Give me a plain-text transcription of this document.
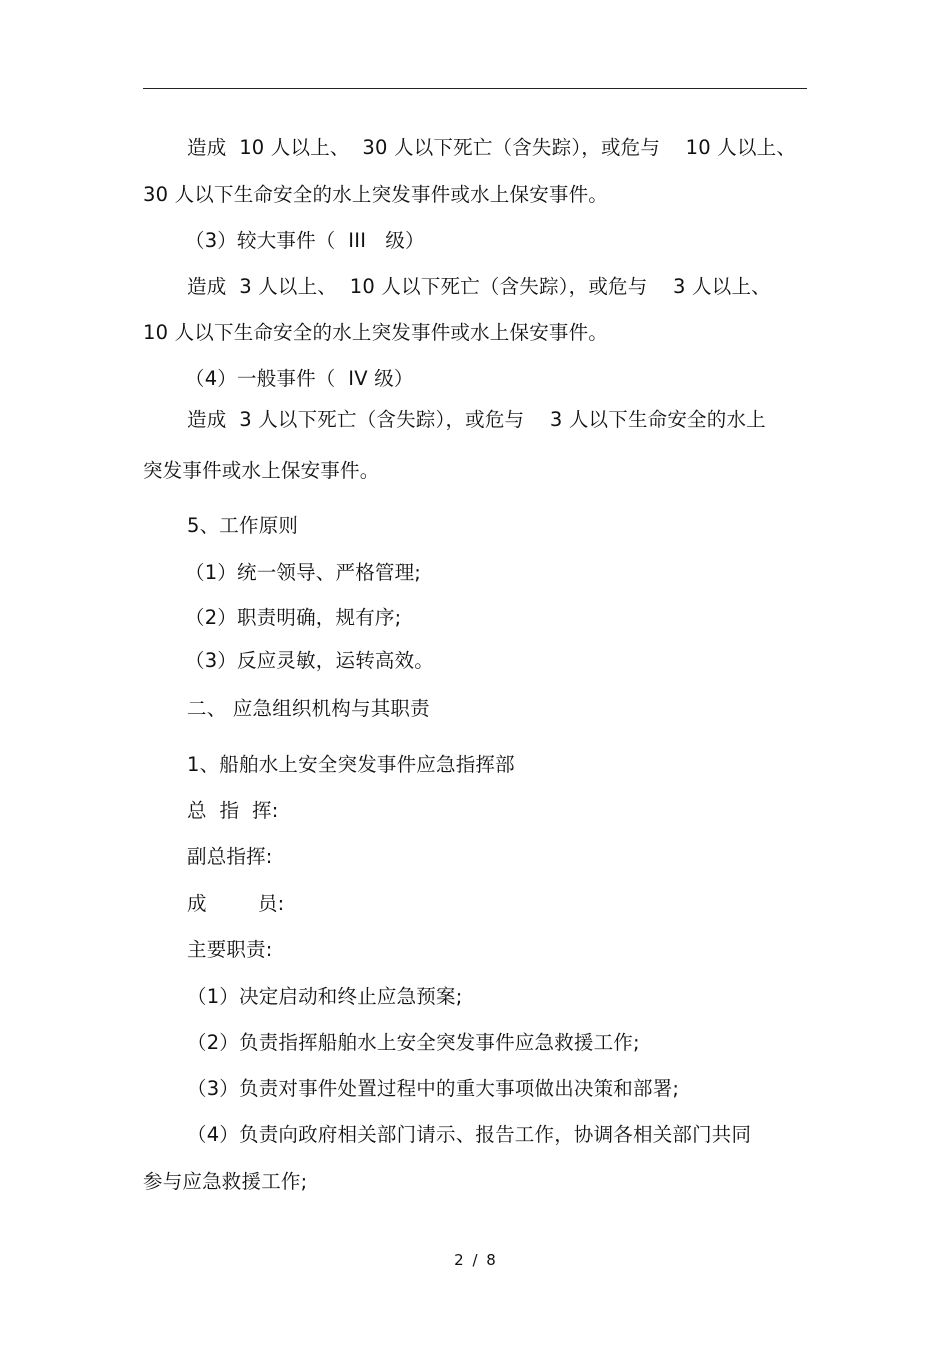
造成  10 人以上、  30 人以下死亡（含失踪），或危与    10 人以上、
30 人以下生命安全的水上突发事件或水上保安事件。
（3）较大事件（  III   级）
造成  3 人以上、  10 人以下死亡（含失踪），或危与    3 人以上、
10 人以下生命安全的水上突发事件或水上保安事件。
（4）一般事件（  IV 级）
造成  3 人以下死亡（含失踪），或危与    3 人以下生命安全的水上
突发事件或水上保安事件。
5、工作原则
（1）统一领导、严格管理;
（2）职责明确，规有序;
（3）反应灵敏，运转高效。
二、 应急组织机构与其职责
1、船舶水上安全突发事件应急指挥部
总  指  挥:
副总指挥:
成        员:
主要职责:
（1）决定启动和终止应急预案;
（2）负责指挥船舶水上安全突发事件应急救援工作;
（3）负责对事件处置过程中的重大事项做出决策和部署;
（4）负责向政府相关部门请示、报告工作，协调各相关部门共同
参与应急救援工作;
2 / 8
